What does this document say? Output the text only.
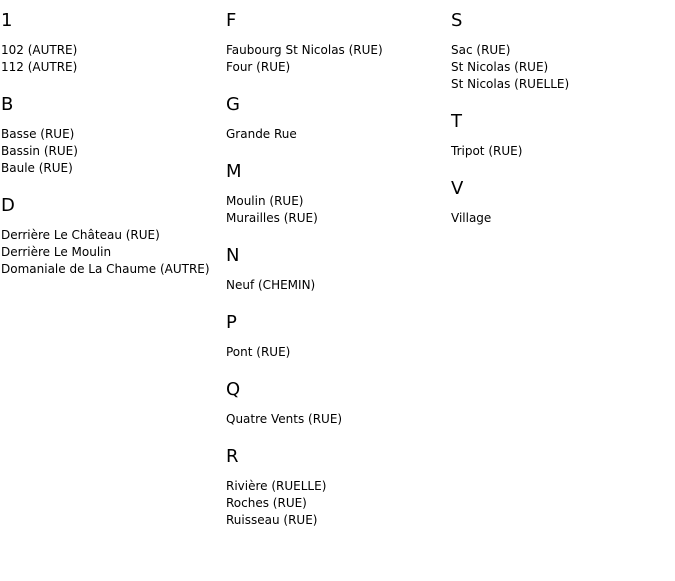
1
102 (AUTRE)
112 (AUTRE)
B
Basse (RUE)
Bassin (RUE)
Baule (RUE)
D
Derrière Le Château (RUE)
Derrière Le Moulin
Domaniale de La Chaume (AUTRE)
F
Faubourg St Nicolas (RUE)
Four (RUE)
G
Grande Rue
M
Moulin (RUE)
Murailles (RUE)
N
Neuf (CHEMIN)
P
Pont (RUE)
Q
Quatre Vents (RUE)
R
Rivière (RUELLE)
Roches (RUE)
Ruisseau (RUE)
S
Sac (RUE)
St Nicolas (RUE)
St Nicolas (RUELLE)
T
Tripot (RUE)
V
Village
